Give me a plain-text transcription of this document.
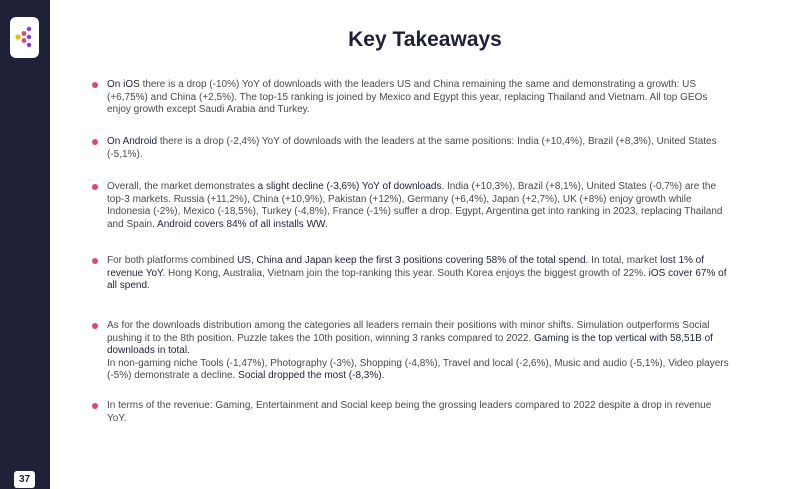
37
Key Takeaways
On iOS there is a drop (-10%) YoY of downloads with the leaders US and China remaining the same and demonstrating a growth: US (+6,75%) and China (+2,5%). The top-15 ranking is joined by Mexico and Egypt this year, replacing Thailand and Vietnam. All top GEOs enjoy growth except Saudi Arabia and Turkey.
On Android there is a drop (-2,4%) YoY of downloads with the leaders at the same positions: India (+10,4%), Brazil (+8,3%), United States (-5,1%).
Overall, the market demonstrates a slight decline (-3,6%) YoY of downloads. India (+10,3%), Brazil (+8,1%), United States (-0,7%) are the top-3 markets. Russia (+11,2%), China (+10,9%), Pakistan (+12%), Germany (+6,4%), Japan (+2,7%), UK (+8%) enjoy growth while Indonesia (-2%), Mexico (-18,5%), Turkey (-4,8%), France (-1%) suffer a drop. Egypt, Argentina get into ranking in 2023, replacing Thailand and Spain. Android covers 84% of all installs WW.
For both platforms combined US, China and Japan keep the first 3 positions covering 58% of the total spend. In total, market lost 1% of revenue YoY. Hong Kong, Australia, Vietnam join the top-ranking this year. South Korea enjoys the biggest growth of 22%. iOS cover 67% of all spend.
As for the downloads distribution among the categories all leaders remain their positions with minor shifts. Simulation outperforms Social pushing it to the 8th position. Puzzle takes the 10th position, winning 3 ranks compared to 2022. Gaming is the top vertical with 58,51B of downloads in total.
In non-gaming niche Tools (-1,47%), Photography (-3%), Shopping (-4,8%), Travel and local (-2,6%), Music and audio (-5,1%), Video players (-5%) demonstrate a decline. Social dropped the most (-8,3%).
In terms of the revenue: Gaming, Entertainment and Social keep being the grossing leaders compared to 2022 despite a drop in revenue YoY.
